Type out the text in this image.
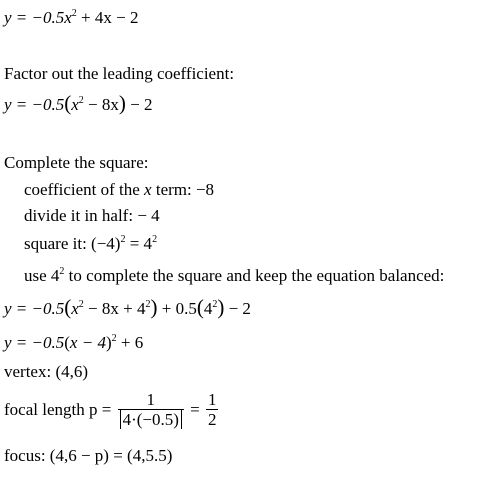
$y = -0.5x^2 + 4x - 2$
Factor out the leading coefficient:
$y = -0.5(x^2 - 8x) - 2$
Complete the square:
coefficient of the x term: −8
divide it in half: − 4
square it: $(-4)^2 = 4^2$
use $4^2$ to complete the square and keep the equation balanced:
$y = -0.5(x^2 - 8x + 4^2) + 0.5(4^2) - 2$
$y = -0.5(x - 4)^2 + 6$
vertex: (4,6)
focal length $p = \frac{1}{4\cdot(-0.5)} = \frac{1}{2}$
focus: (4,6 − p) = (4,5.5)
